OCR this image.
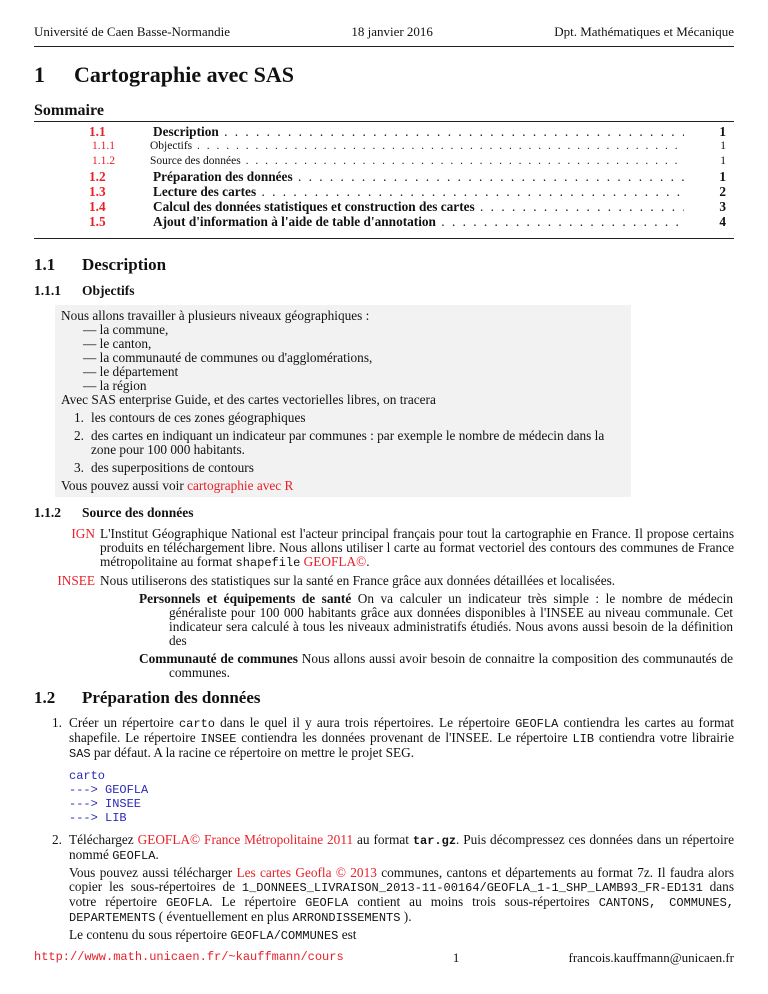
Université de Caen Basse-Normandie	18 janvier 2016	Dpt. Mathématiques et Mécanique
1 Cartographie avec SAS
Sommaire
1.1	Description . . .	1
1.1.1	Objectifs . . .	1
1.1.2	Source des données . . .	1
1.2	Préparation des données . . .	1
1.3	Lecture des cartes . . .	2
1.4	Calcul des données statistiques et construction des cartes . . .	3
1.5	Ajout d'information à l'aide de table d'annotation . . .	4
1.1 Description
1.1.1 Objectifs

Nous allons travailler à plusieurs niveaux géographiques :

— la commune,
— le canton,
— la communauté de communes ou d'agglomérations,
— le département
— la région

Avec SAS enterprise Guide, et des cartes vectorielles libres, on tracera

1. les contours de ces zones géographiques
2. des cartes en indiquant un indicateur par communes : par exemple le nombre de médecin dans la zone pour 100 000 habitants.
3. des superpositions de contours

Vous pouvez aussi voir cartographie avec R

1.1.2 Source des données
IGN L'Institut Géographique National est l'acteur principal français pour tout la cartographie en France. Il propose certains produits en téléchargement libre. Nous allons utiliser l carte au format vectoriel des contours des communes de France métropolitaine au format shapefile GEOFLA©.
INSEE Nous utiliserons des statistiques sur la santé en France grâce aux données détaillées et localisées.
Personnels et équipements de santé On va calculer un indicateur très simple : le nombre de médecin généraliste pour 100 000 habitants grâce aux données disponibles à l'INSEE au niveau communale. Cet indicateur sera calculé à tous les niveaux administratifs étudiés. Nous avons aussi besoin de la définition des
Communauté de communes Nous allons aussi avoir besoin de connaitre la composition des communautés de communes.
1.2 Préparation des données
1. Créer un répertoire carto dans le quel il y aura trois répertoires. Le répertoire GEOFLA contiendra les cartes au format shapefile. Le répertoire INSEE contiendra les données provenant de l'INSEE. Le répertoire LIB contiendra votre librairie SAS par défaut. A la racine ce répertoire on mettre le projet SEG.
carto
---> GEOFLA
---> INSEE
---> LIB
2. Téléchargez GEOFLA© France Métropolitaine 2011 au format tar.gz. Puis décompressez ces données dans un répertoire nommé GEOFLA.

Vous pouvez aussi télécharger Les cartes Geofla © 2013 communes, cantons et départements au format 7z. Il faudra alors copier les sous-répertoires de 1_DONNEES_LIVRAISON_2013-11-00164/GEOFLA_1-1_SHP_LAMB93_FR-ED131 dans votre répertoire GEOFLA. Le répertoire GEOFLA contient au moins trois sous-répertoires CANTONS, COMMUNES, DEPARTEMENTS ( éventuellement en plus ARRONDISSEMENTS ).

Le contenu du sous répertoire GEOFLA/COMMUNES est

http://www.math.unicaen.fr/~kauffmann/cours	1	francois.kauffmann@unicaen.fr
